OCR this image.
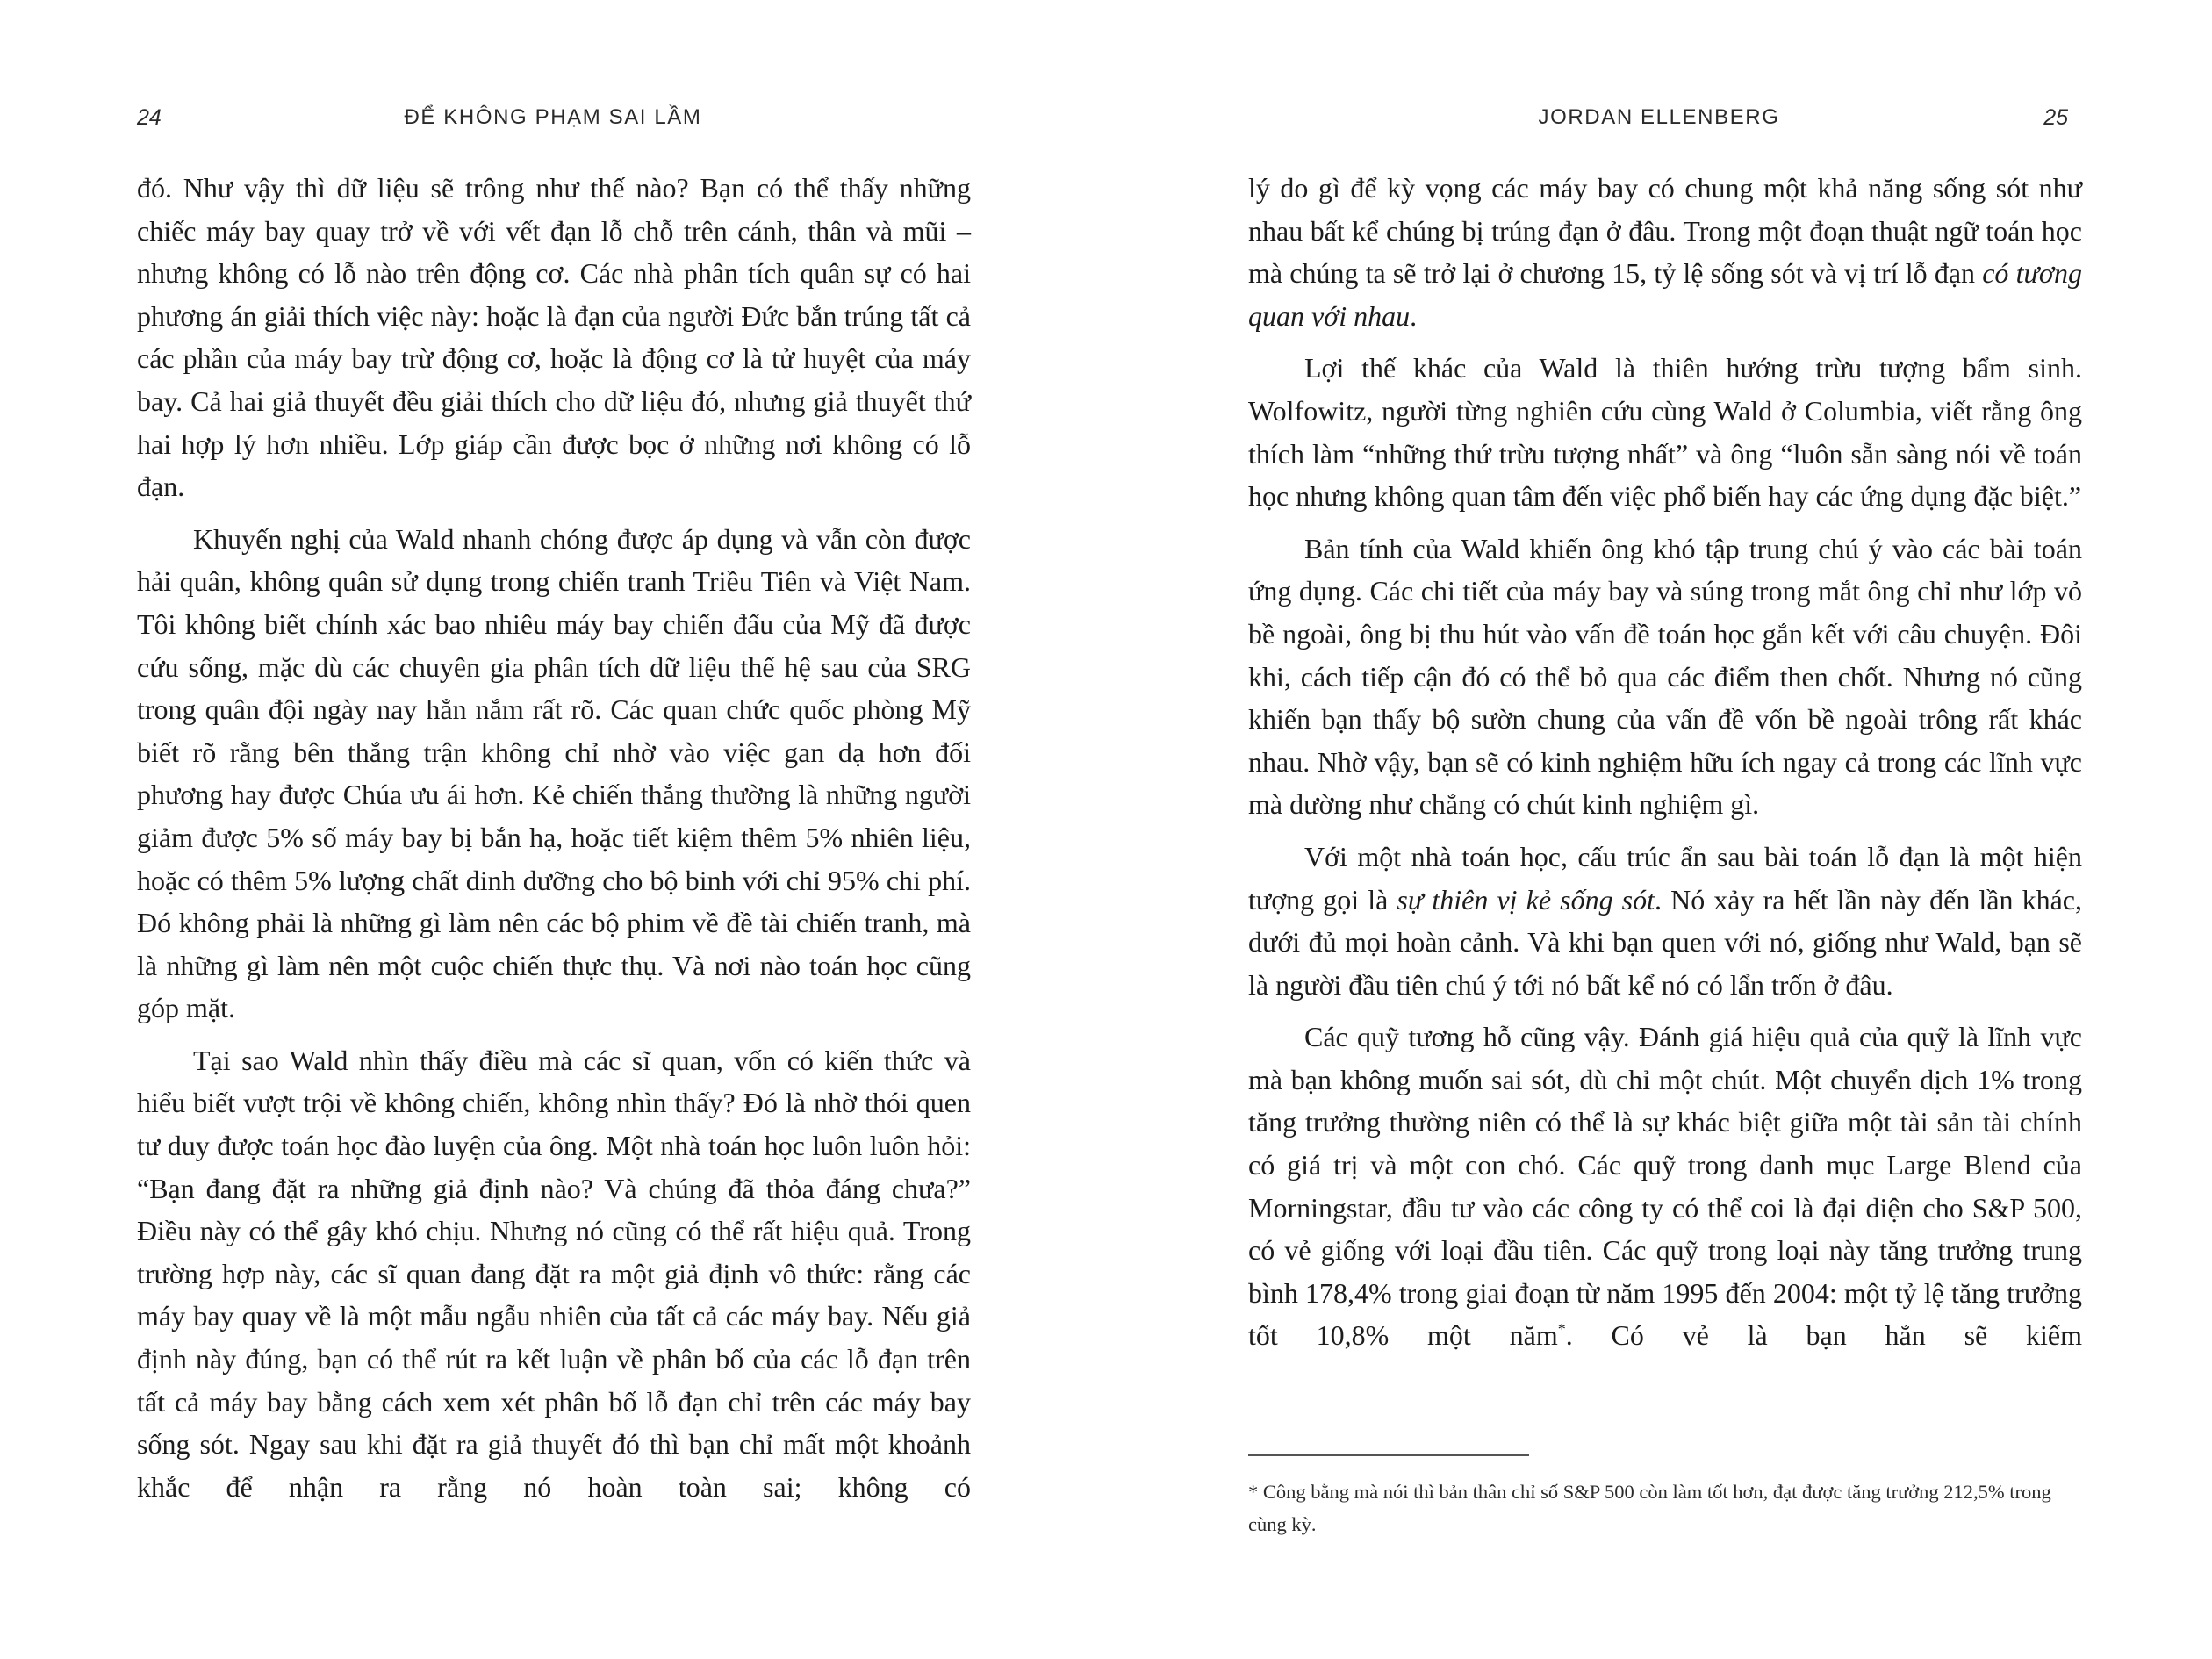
24	ĐỂ KHÔNG PHẠM SAI LẦM

đó. Như vậy thì dữ liệu sẽ trông như thế nào? Bạn có thể thấy những chiếc máy bay quay trở về với vết đạn lỗ chỗ trên cánh, thân và mũi – nhưng không có lỗ nào trên động cơ. Các nhà phân tích quân sự có hai phương án giải thích việc này: hoặc là đạn của người Đức bắn trúng tất cả các phần của máy bay trừ động cơ, hoặc là động cơ là tử huyệt của máy bay. Cả hai giả thuyết đều giải thích cho dữ liệu đó, nhưng giả thuyết thứ hai hợp lý hơn nhiều. Lớp giáp cần được bọc ở những nơi không có lỗ đạn.

Khuyến nghị của Wald nhanh chóng được áp dụng và vẫn còn được hải quân, không quân sử dụng trong chiến tranh Triều Tiên và Việt Nam. Tôi không biết chính xác bao nhiêu máy bay chiến đấu của Mỹ đã được cứu sống, mặc dù các chuyên gia phân tích dữ liệu thế hệ sau của SRG trong quân đội ngày nay hẳn nắm rất rõ. Các quan chức quốc phòng Mỹ biết rõ rằng bên thắng trận không chỉ nhờ vào việc gan dạ hơn đối phương hay được Chúa ưu ái hơn. Kẻ chiến thắng thường là những người giảm được 5% số máy bay bị bắn hạ, hoặc tiết kiệm thêm 5% nhiên liệu, hoặc có thêm 5% lượng chất dinh dưỡng cho bộ binh với chỉ 95% chi phí. Đó không phải là những gì làm nên các bộ phim về đề tài chiến tranh, mà là những gì làm nên một cuộc chiến thực thụ. Và nơi nào toán học cũng góp mặt.

Tại sao Wald nhìn thấy điều mà các sĩ quan, vốn có kiến thức và hiểu biết vượt trội về không chiến, không nhìn thấy? Đó là nhờ thói quen tư duy được toán học đào luyện của ông. Một nhà toán học luôn luôn hỏi: “Bạn đang đặt ra những giả định nào? Và chúng đã thỏa đáng chưa?” Điều này có thể gây khó chịu. Nhưng nó cũng có thể rất hiệu quả. Trong trường hợp này, các sĩ quan đang đặt ra một giả định vô thức: rằng các máy bay quay về là một mẫu ngẫu nhiên của tất cả các máy bay. Nếu giả định này đúng, bạn có thể rút ra kết luận về phân bố của các lỗ đạn trên tất cả máy bay bằng cách xem xét phân bố lỗ đạn chỉ trên các máy bay sống sót. Ngay sau khi đặt ra giả thuyết đó thì bạn chỉ mất một khoảnh khắc để nhận ra rằng nó hoàn toàn sai; không có

JORDAN ELLENBERG	25

lý do gì để kỳ vọng các máy bay có chung một khả năng sống sót như nhau bất kể chúng bị trúng đạn ở đâu. Trong một đoạn thuật ngữ toán học mà chúng ta sẽ trở lại ở chương 15, tỷ lệ sống sót và vị trí lỗ đạn có tương quan với nhau.

Lợi thế khác của Wald là thiên hướng trừu tượng bẩm sinh. Wolfowitz, người từng nghiên cứu cùng Wald ở Columbia, viết rằng ông thích làm “những thứ trừu tượng nhất” và ông “luôn sẵn sàng nói về toán học nhưng không quan tâm đến việc phổ biến hay các ứng dụng đặc biệt.”

Bản tính của Wald khiến ông khó tập trung chú ý vào các bài toán ứng dụng. Các chi tiết của máy bay và súng trong mắt ông chỉ như lớp vỏ bề ngoài, ông bị thu hút vào vấn đề toán học gắn kết với câu chuyện. Đôi khi, cách tiếp cận đó có thể bỏ qua các điểm then chốt. Nhưng nó cũng khiến bạn thấy bộ sườn chung của vấn đề vốn bề ngoài trông rất khác nhau. Nhờ vậy, bạn sẽ có kinh nghiệm hữu ích ngay cả trong các lĩnh vực mà dường như chẳng có chút kinh nghiệm gì.

Với một nhà toán học, cấu trúc ẩn sau bài toán lỗ đạn là một hiện tượng gọi là sự thiên vị kẻ sống sót. Nó xảy ra hết lần này đến lần khác, dưới đủ mọi hoàn cảnh. Và khi bạn quen với nó, giống như Wald, bạn sẽ là người đầu tiên chú ý tới nó bất kể nó có lẩn trốn ở đâu.

Các quỹ tương hỗ cũng vậy. Đánh giá hiệu quả của quỹ là lĩnh vực mà bạn không muốn sai sót, dù chỉ một chút. Một chuyển dịch 1% trong tăng trưởng thường niên có thể là sự khác biệt giữa một tài sản tài chính có giá trị và một con chó. Các quỹ trong danh mục Large Blend của Morningstar, đầu tư vào các công ty có thể coi là đại diện cho S&P 500, có vẻ giống với loại đầu tiên. Các quỹ trong loại này tăng trưởng trung bình 178,4% trong giai đoạn từ năm 1995 đến 2004: một tỷ lệ tăng trưởng tốt 10,8% một năm*. Có vẻ là bạn hẳn sẽ kiếm

* Công bằng mà nói thì bản thân chỉ số S&P 500 còn làm tốt hơn, đạt được tăng trưởng 212,5% trong cùng kỳ.
